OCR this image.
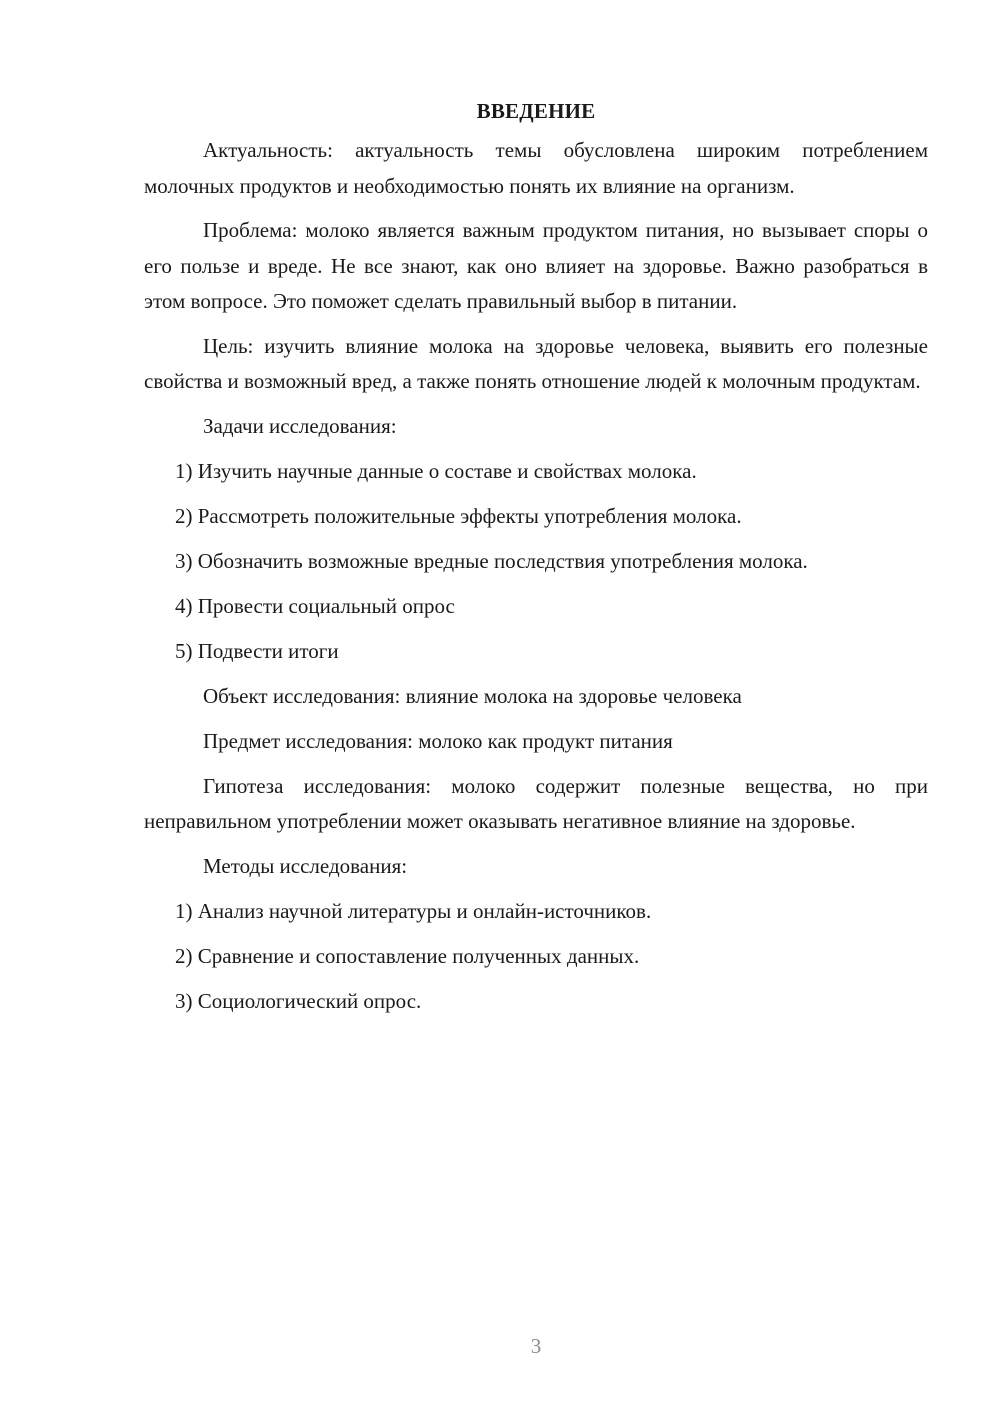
ВВЕДЕНИЕ

Актуальность: актуальность темы обусловлена широким потреблением молочных продуктов и необходимостью понять их влияние на организм.

Проблема: молоко является важным продуктом питания, но вызывает споры о его пользе и вреде. Не все знают, как оно влияет на здоровье. Важно разобраться в этом вопросе. Это поможет сделать правильный выбор в питании.

Цель: изучить влияние молока на здоровье человека, выявить его полезные свойства и возможный вред, а также понять отношение людей к молочным продуктам.

Задачи исследования:
1) Изучить научные данные о составе и свойствах молока.
2) Рассмотреть положительные эффекты употребления молока.
3) Обозначить возможные вредные последствия употребления молока.
4) Провести социальный опрос
5) Подвести итоги
Объект исследования: влияние молока на здоровье человека
Предмет исследования: молоко как продукт питания

Гипотеза исследования: молоко содержит полезные вещества, но при неправильном употреблении может оказывать негативное влияние на здоровье.

Методы исследования:
1) Анализ научной литературы и онлайн-источников.
2) Сравнение и сопоставление полученных данных.
3) Социологический опрос.
3
